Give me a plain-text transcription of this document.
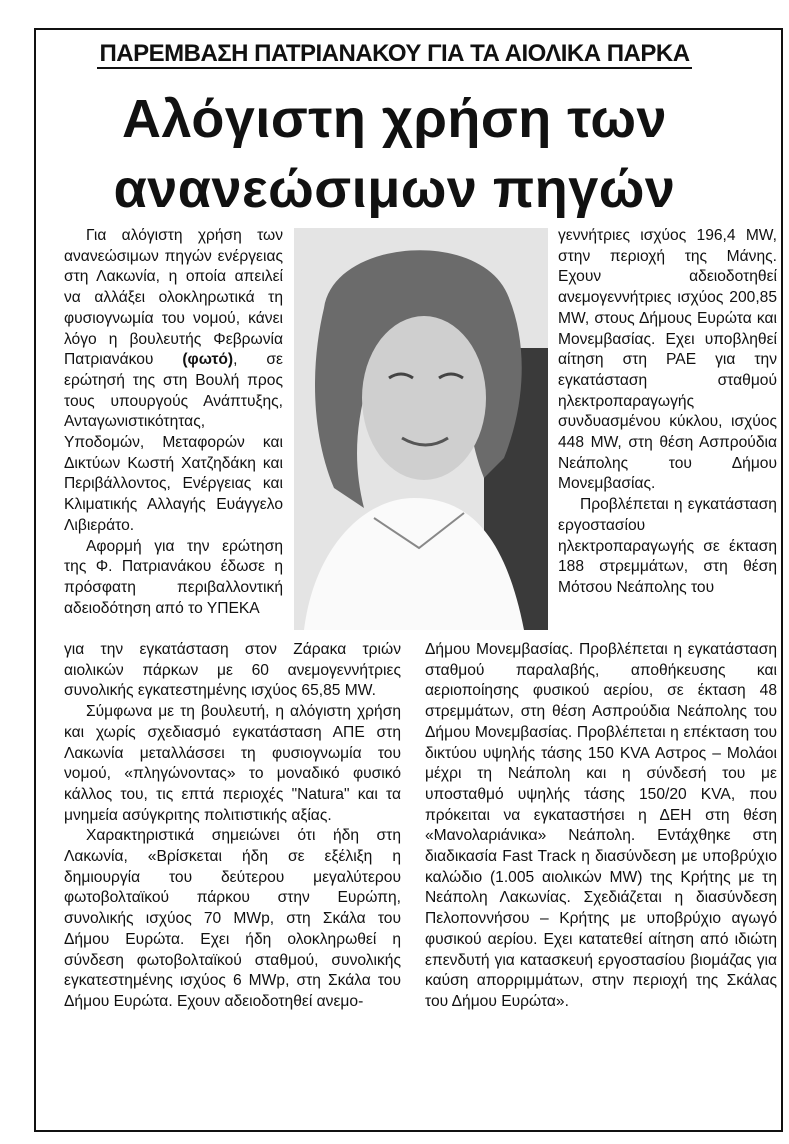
ΠΑΡΕΜΒΑΣΗ ΠΑΤΡΙΑΝΑΚΟΥ ΓΙΑ ΤΑ ΑΙΟΛΙΚΑ ΠΑΡΚΑ
Αλόγιστη χρήση των
ανανεώσιμων πηγών

Για αλόγιστη χρήση των ανανεώσιμων πηγών ενέργειας στη Λακωνία, η οποία απειλεί να αλλάξει ολοκληρωτικά τη φυσιογνωμία του νομού, κάνει λόγο η βουλευτής Φεβρωνία Πατριανάκου (φωτό), σε ερώτησή της στη Βουλή προς τους υπουργούς Ανάπτυξης, Ανταγωνιστικότητας, Υποδομών, Μεταφορών και Δικτύων Κωστή Χατζηδάκη και Περιβάλλοντος, Ενέργειας και Κλιματικής Αλλαγής Ευάγγελο Λιβιεράτο.

Αφορμή για την ερώτηση της Φ. Πατριανάκου έδωσε η πρόσφατη περιβαλλοντική αδειοδότηση από το ΥΠΕΚΑ

για την εγκατάσταση στον Ζάρακα τριών αιολικών πάρκων με 60 ανεμογεννήτριες συνολικής εγκατεστημένης ισχύος 65,85 MW.

Σύμφωνα με τη βουλευτή, η αλόγιστη χρήση και χωρίς σχεδιασμό εγκατάσταση ΑΠΕ στη Λακωνία μεταλλάσσει τη φυσιογνωμία του νομού, «πληγώνοντας» το μοναδικό φυσικό κάλλος του, τις επτά περιοχές "Natura" και τα μνημεία ασύγκριτης πολιτιστικής αξίας.

Χαρακτηριστικά σημειώνει ότι ήδη στη Λακωνία, «Βρίσκεται ήδη σε εξέλιξη η δημιουργία του δεύτερου μεγαλύτερου φωτοβολταϊκού πάρκου στην Ευρώπη, συνολικής ισχύος 70 MWp, στη Σκάλα του Δήμου Ευρώτα. Εχει ήδη ολοκληρωθεί η σύνδεση φωτοβολταϊκού σταθμού, συνολικής εγκατεστημένης ισχύος 6 MWp, στη Σκάλα του Δήμου Ευρώτα. Εχουν αδειοδοτηθεί ανεμο-

γεννήτριες ισχύος 196,4 MW, στην περιοχή της Μάνης. Εχουν αδειοδοτηθεί ανεμογεννήτριες ισχύος 200,85 MW, στους Δήμους Ευρώτα και Μονεμβασίας. Εχει υποβληθεί αίτηση στη ΡΑΕ για την εγκατάσταση σταθμού ηλεκτροπαραγωγής συνδυασμένου κύκλου, ισχύος 448 MW, στη θέση Ασπρούδια Νεάπολης του Δήμου Μονεμβασίας.

Προβλέπεται η εγκατάσταση εργοστασίου ηλεκτροπαραγωγής σε έκταση 188 στρεμμάτων, στη θέση Μότσου Νεάπολης του

Δήμου Μονεμβασίας. Προβλέπεται η εγκατάσταση σταθμού παραλαβής, αποθήκευσης και αεριοποίησης φυσικού αερίου, σε έκταση 48 στρεμμάτων, στη θέση Ασπρούδια Νεάπολης του Δήμου Μονεμβασίας. Προβλέπεται η επέκταση του δικτύου υψηλής τάσης 150 KVA Αστρος – Μολάοι μέχρι τη Νεάπολη και η σύνδεσή του με υποσταθμό υψηλής τάσης 150/20 KVA, που πρόκειται να εγκαταστήσει η ΔΕΗ στη θέση «Μανολαριάνικα» Νεάπολη. Εντάχθηκε στη διαδικασία Fast Track η διασύνδεση με υποβρύχιο καλώδιο (1.005 αιολικών MW) της Κρήτης με τη Νεάπολη Λακωνίας. Σχεδιάζεται η διασύνδεση Πελοποννήσου – Κρήτης με υποβρύχιο αγωγό φυσικού αερίου. Εχει κατατεθεί αίτηση από ιδιώτη επενδυτή για κατασκευή εργοστασίου βιομάζας για καύση απορριμμάτων, στην περιοχή της Σκάλας του Δήμου Ευρώτα».
